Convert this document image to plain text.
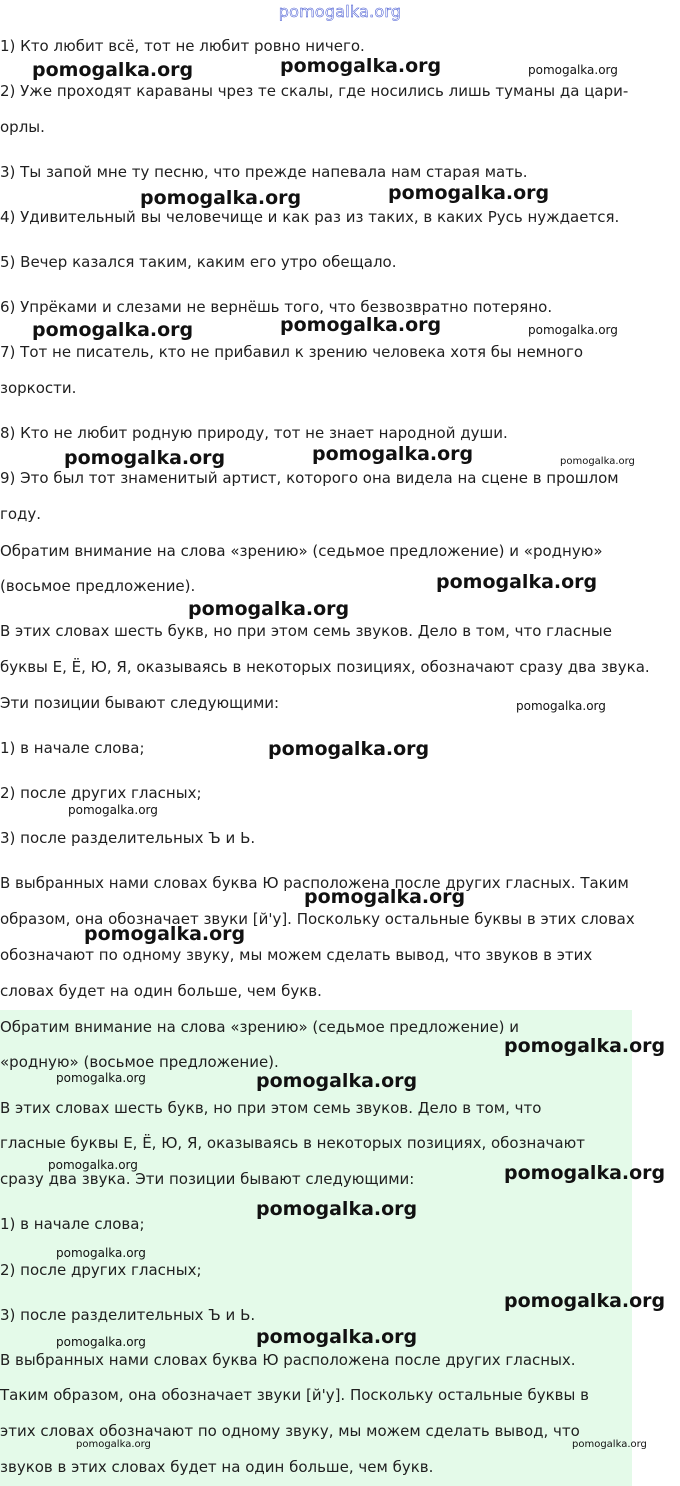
pomogalka.org
1) Кто любит всё, тот не любит ровно ничего.
2) Уже проходят караваны чрез те скалы, где носились лишь туманы да цари-
орлы.
3) Ты запой мне ту песню, что прежде напевала нам старая мать.
4) Удивительный вы человечище и как раз из таких, в каких Русь нуждается.
5) Вечер казался таким, каким его утро обещало.
6) Упрёками и слезами не вернёшь того, что безвозвратно потеряно.
7) Тот не писатель, кто не прибавил к зрению человека хотя бы немного
зоркости.
8) Кто не любит родную природу, тот не знает народной души.
9) Это был тот знаменитый артист, которого она видела на сцене в прошлом
году.
Обратим внимание на слова «зрению» (седьмое предложение) и «родную»
(восьмое предложение).
В этих словах шесть букв, но при этом семь звуков. Дело в том, что гласные
буквы Е, Ё, Ю, Я, оказываясь в некоторых позициях, обозначают сразу два звука.
Эти позиции бывают следующими:
1) в начале слова;
2) после других гласных;
3) после разделительных Ъ и Ь.
В выбранных нами словах буква Ю расположена после других гласных. Таким
образом, она обозначает звуки [й'у]. Поскольку остальные буквы в этих словах
обозначают по одному звуку, мы можем сделать вывод, что звуков в этих
словах будет на один больше, чем букв.
Обратим внимание на слова «зрению» (седьмое предложение) и
«родную» (восьмое предложение).
В этих словах шесть букв, но при этом семь звуков. Дело в том, что
гласные буквы Е, Ё, Ю, Я, оказываясь в некоторых позициях, обозначают
сразу два звука. Эти позиции бывают следующими:
1) в начале слова;
2) после других гласных;
3) после разделительных Ъ и Ь.
В выбранных нами словах буква Ю расположена после других гласных.
Таким образом, она обозначает звуки [й'у]. Поскольку остальные буквы в
этих словах обозначают по одному звуку, мы можем сделать вывод, что
звуков в этих словах будет на один больше, чем букв.
pomogalka.org	pomogalka.org	pomogalka.org
pomogalka.org	pomogalka.org
pomogalka.org	pomogalka.org	pomogalka.org
pomogalka.org	pomogalka.org	pomogalka.org
pomogalka.org
pomogalka.org
pomogalka.org
pomogalka.org
pomogalka.org
pomogalka.org
pomogalka.org
pomogalka.org
pomogalka.org	pomogalka.org
pomogalka.org	pomogalka.org
pomogalka.org
pomogalka.org
pomogalka.org
pomogalka.org	pomogalka.org
pomogalka.org	pomogalka.org
